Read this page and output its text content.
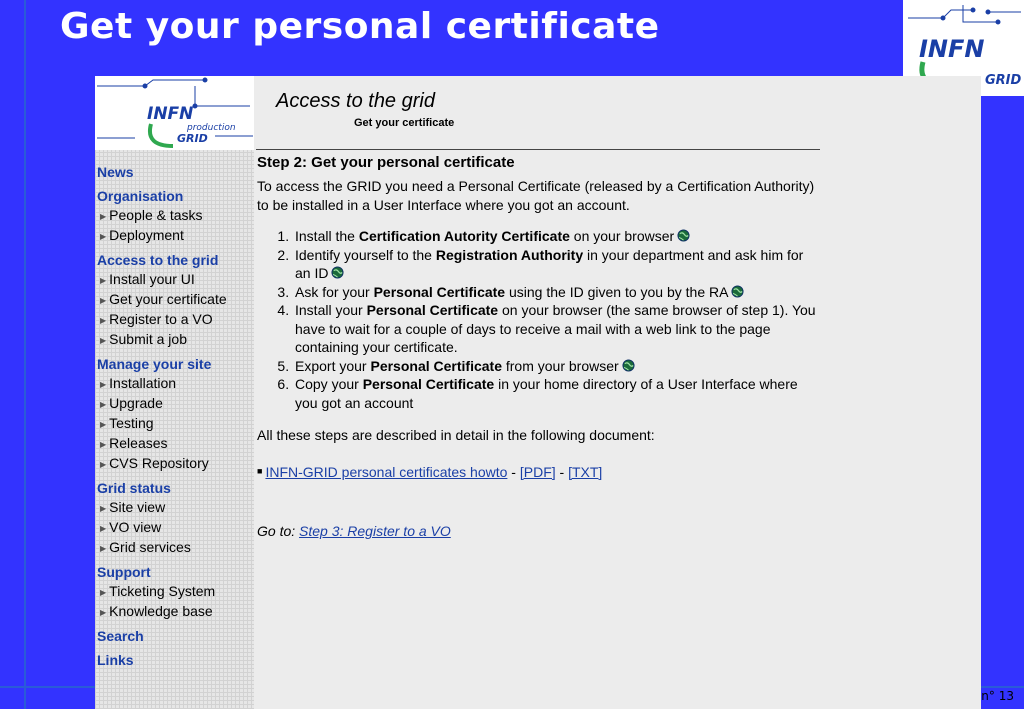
Get your personal certificate
INFN
GRID
n° 13
INFN
production
GRID
News
Organisation
▶ People & tasks
▶ Deployment
Access to the grid
▶ Install your UI
▶ Get your certificate
▶ Register to a VO
▶ Submit a job
Manage your site
▶ Installation
▶ Upgrade
▶ Testing
▶ Releases
▶ CVS Repository
Grid status
▶ Site view
▶ VO view
▶ Grid services
Support
▶ Ticketing System
▶ Knowledge base
Search
Links
Access to the grid
Get your certificate
Step 2: Get your personal certificate

To access the GRID you need a Personal Certificate (released by a Certification Authority) to be installed in a User Interface where you got an account.

1. Install the Certification Autority Certificate on your browser
2. Identify yourself to the Registration Authority in your department and ask him for an ID
3. Ask for your Personal Certificate using the ID given to you by the RA
4. Install your Personal Certificate on your browser (the same browser of step 1). You have to wait for a couple of days to receive a mail with a web link to the page containing your certificate.
5. Export your Personal Certificate from your browser
6. Copy your Personal Certificate in your home directory of a User Interface where you got an account

All these steps are described in detail in the following document:

■ INFN-GRID personal certificates howto - [PDF] - [TXT]
Go to: Step 3: Register to a VO
